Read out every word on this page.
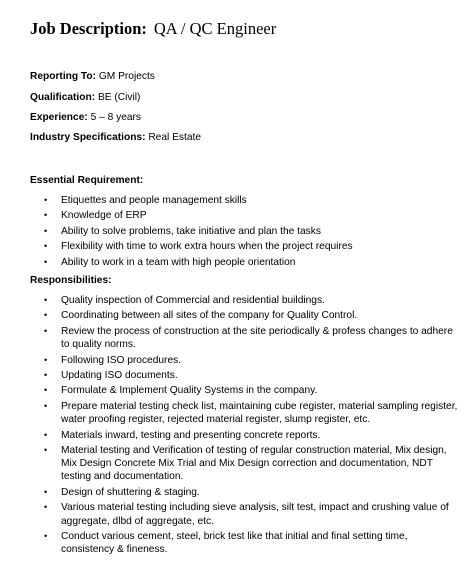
Job Description: QA / QC Engineer
Reporting To: GM Projects
Qualification: BE (Civil)
Experience: 5 – 8 years
Industry Specifications: Real Estate
Essential Requirement:
• Etiquettes and people management skills
• Knowledge of ERP
• Ability to solve problems, take initiative and plan the tasks
• Flexibility with time to work extra hours when the project requires
• Ability to work in a team with high people orientation
Responsibilities:
• Quality inspection of Commercial and residential buildings.
• Coordinating between all sites of the company for Quality Control.
• Review the process of construction at the site periodically & profess changes to adhere
to quality norms.
• Following ISO procedures.
• Updating ISO documents.
• Formulate & Implement Quality Systems in the company.
• Prepare material testing check list, maintaining cube register, material sampling register,
water proofing register, rejected material register, slump register, etc.
• Materials inward, testing and presenting concrete reports.
• Material testing and Verification of testing of regular construction material, Mix design,
Mix Design Concrete Mix Trial and Mix Design correction and documentation, NDT
testing and documentation.
• Design of shuttering & staging.
• Various material testing including sieve analysis, silt test, impact and crushing value of
aggregate, dlbd of aggregate, etc.
• Conduct various cement, steel, brick test like that initial and final setting time,
consistency & fineness.
